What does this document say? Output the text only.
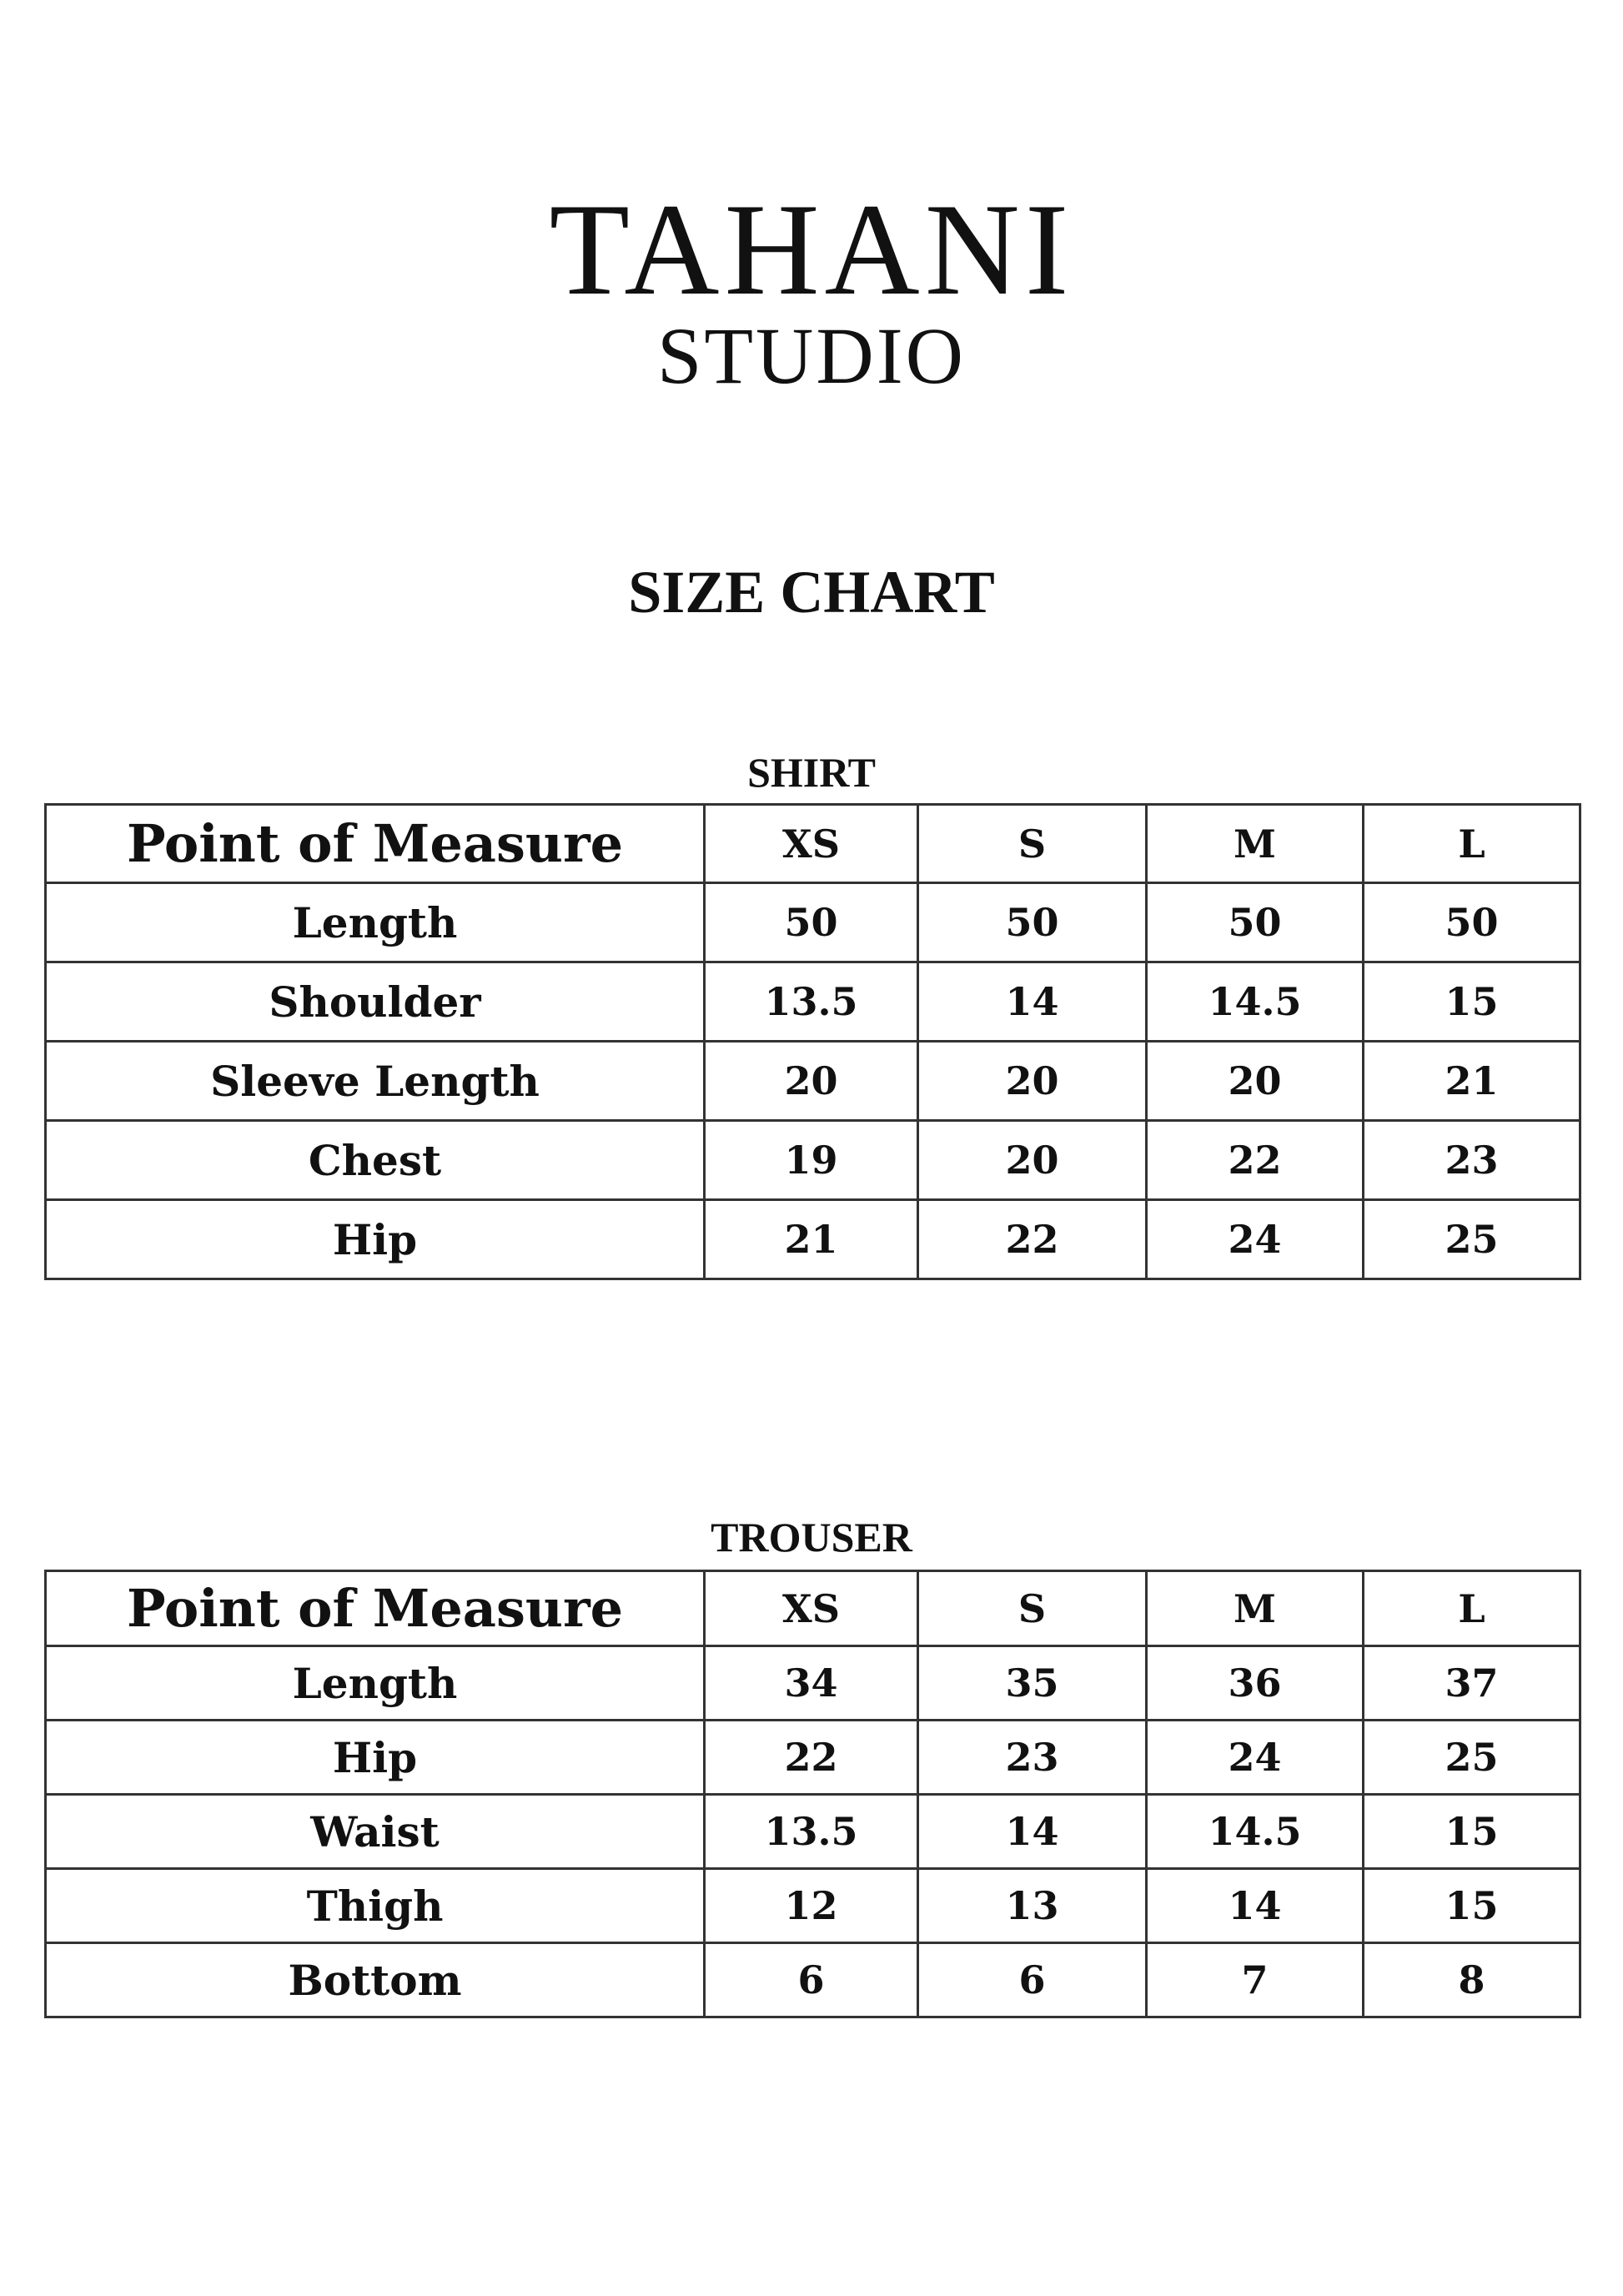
TAHANI
STUDIO
SIZE CHART
SHIRT
Point of Measure	XS	S	M	L
Length	50	50	50	50
Shoulder	13.5	14	14.5	15
Sleeve Length	20	20	20	21
Chest	19	20	22	23
Hip	21	22	24	25
TROUSER
Point of Measure	XS	S	M	L
Length	34	35	36	37
Hip	22	23	24	25
Waist	13.5	14	14.5	15
Thigh	12	13	14	15
Bottom	6	6	7	8
